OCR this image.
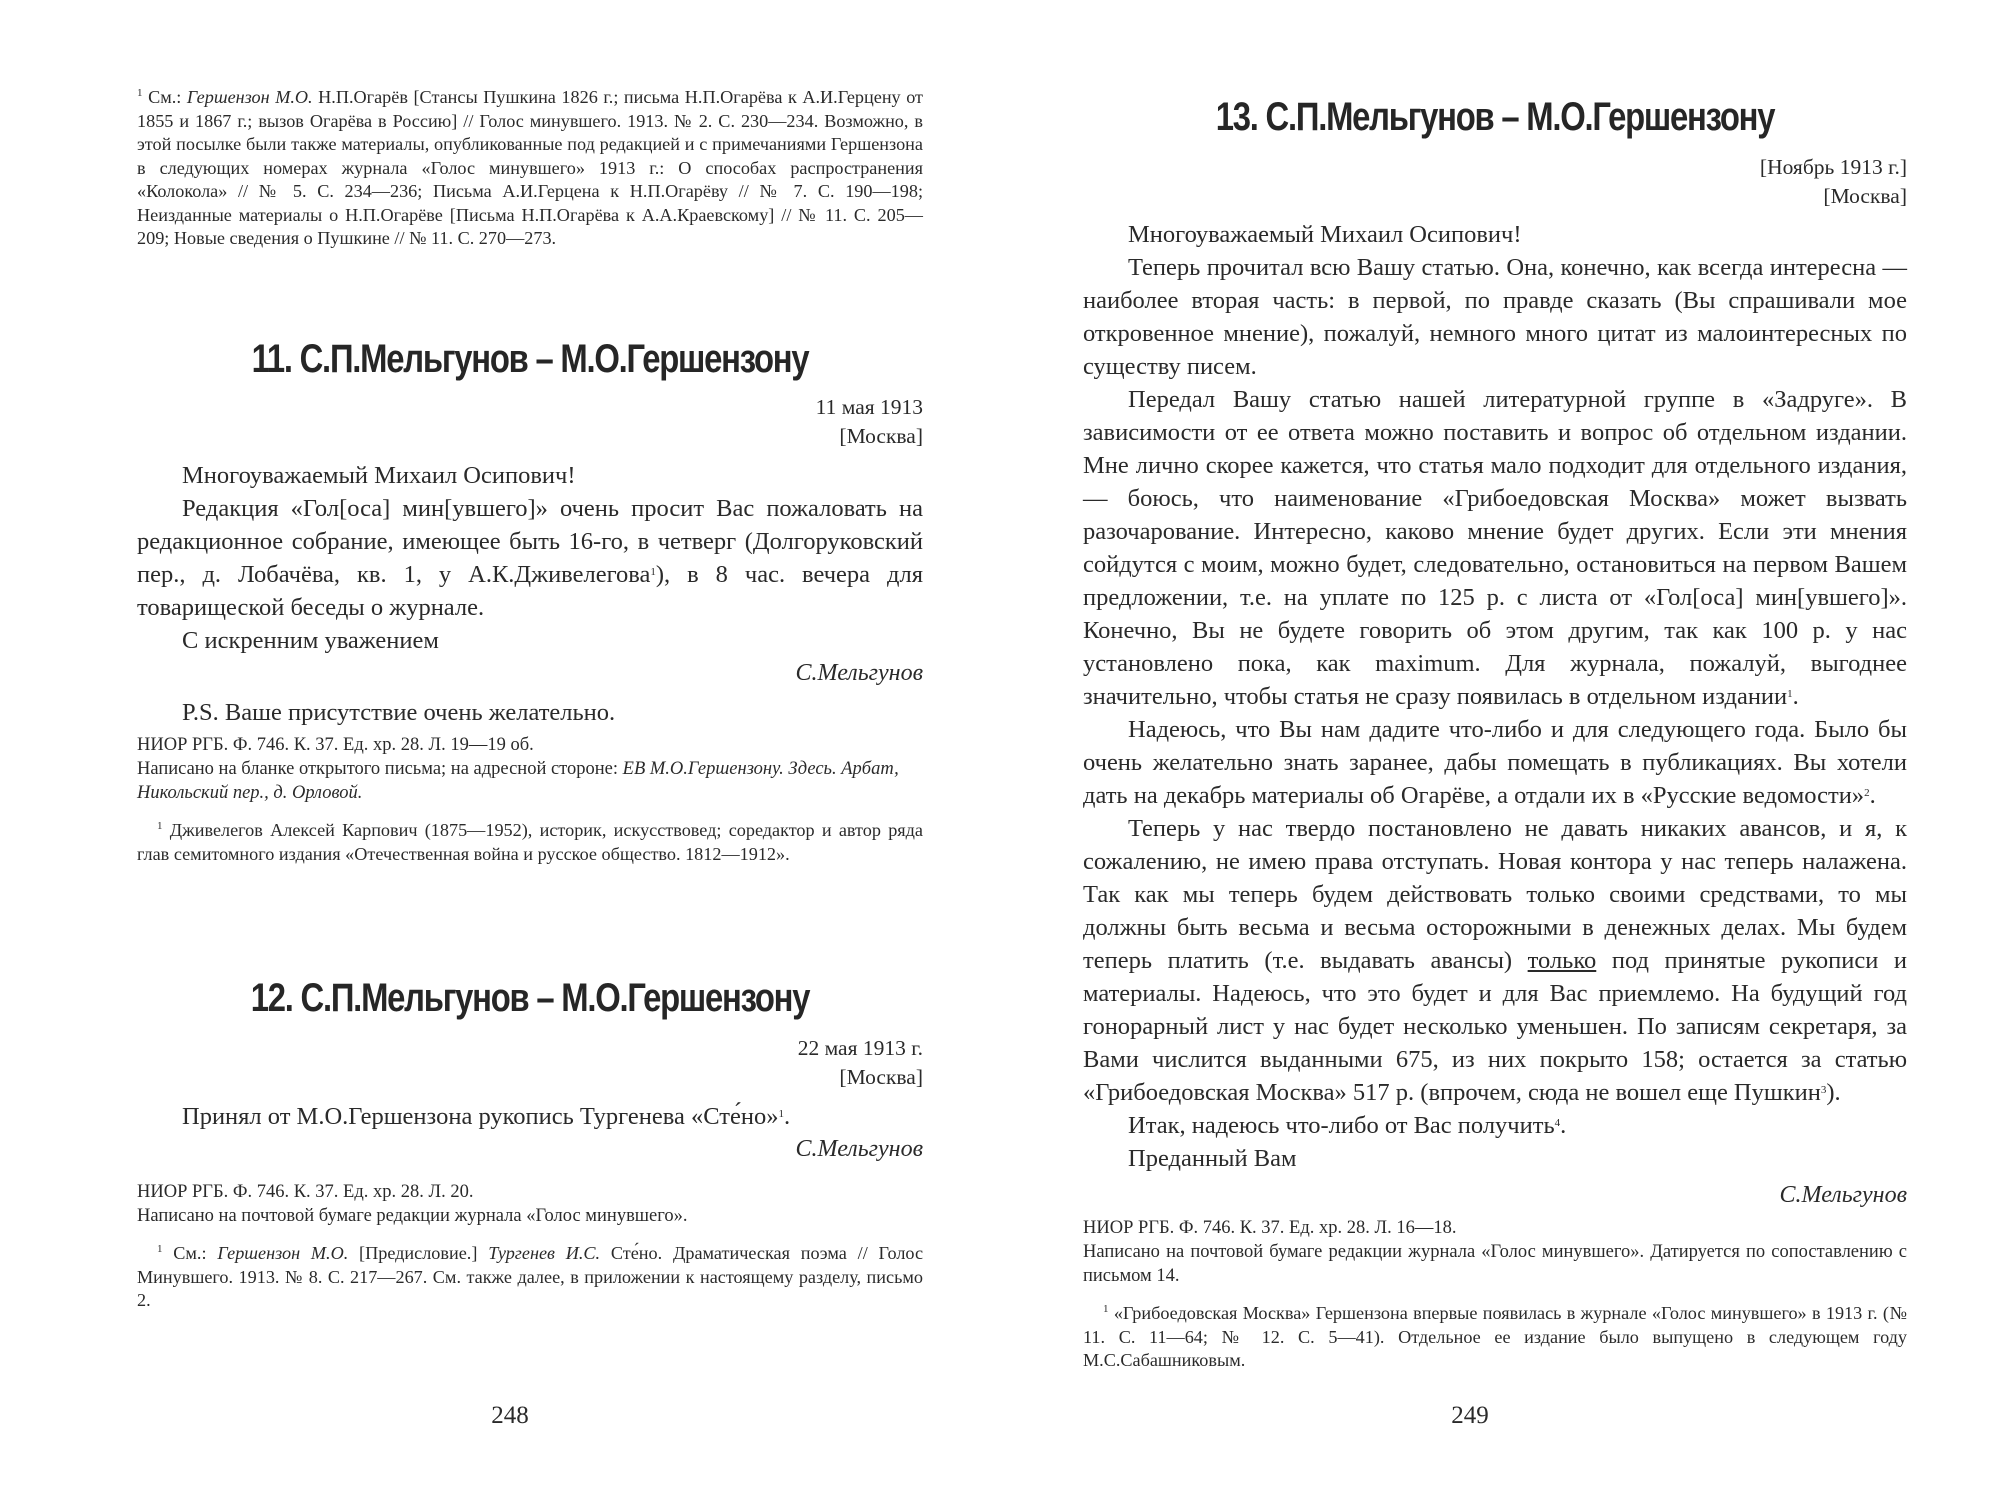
$^1$ См.: Гершензон М.О. Н.П.Огарёв [Стансы Пушкина 1826 г.; письма Н.П.Огарёва к А.И.Герцену от 1855 и 1867 г.; вызов Огарёва в Россию] // Голос минувшего. 1913. № 2. С. 230—234. Возможно, в этой посылке были также материалы, опубликованные под редакцией и с примечаниями Гершензона в следующих номерах журнала «Голос минувшего» 1913 г.: О способах распространения «Колокола» // № 5. С. 234—236; Письма А.И.Герцена к Н.П.Огарёву // № 7. С. 190—198; Неизданные материалы о Н.П.Огарёве [Письма Н.П.Огарёва к А.А.Краевскому] // № 11. С. 205—209; Новые сведения о Пушкине // № 11. С. 270—273.

11. С.П.Мельгунов – М.О.Гершензону
11 мая 1913
[Москва]

Многоуважаемый Михаил Осипович!

Редакция «Гол[оса] мин[увшего]» очень просит Вас пожаловать на редакционное собрание, имеющее быть 16-го, в четверг (Долгоруковский пер., д. Лобачёва, кв. 1, у А.К.Дживелегова$^1$), в 8 час. вечера для товарищеской беседы о журнале.

С искренним уважением

С.Мельгунов

P.S. Ваше присутствие очень желательно.

НИОР РГБ. Ф. 746. К. 37. Ед. хр. 28. Л. 19—19 об.

Написано на бланке открытого письма; на адресной стороне: ЕВ М.О.Гершензону. Здесь. Арбат, Никольский пер., д. Орловой.

$^1$ Дживелегов Алексей Карпович (1875—1952), историк, искусствовед; соредактор и автор ряда глав семитомного издания «Отечественная война и русское общество. 1812—1912».

12. С.П.Мельгунов – М.О.Гершензону
22 мая 1913 г.
[Москва]

Принял от М.О.Гершензона рукопись Тургенева «Сте́но»$^1$.

С.Мельгунов

НИОР РГБ. Ф. 746. К. 37. Ед. хр. 28. Л. 20.

Написано на почтовой бумаге редакции журнала «Голос минувшего».

$^1$ См.: Гершензон М.О. [Предисловие.] Тургенев И.С. Сте́но. Драматическая поэма // Голос Минувшего. 1913. № 8. С. 217—267. См. также далее, в приложении к настоящему разделу, письмо 2.

248
13. С.П.Мельгунов – М.О.Гершензону
[Ноябрь 1913 г.]
[Москва]

Многоуважаемый Михаил Осипович!

Теперь прочитал всю Вашу статью. Она, конечно, как всегда интересна — наиболее вторая часть: в первой, по правде сказать (Вы спрашивали мое откровенное мнение), пожалуй, немного много цитат из малоинтересных по существу писем.

Передал Вашу статью нашей литературной группе в «Задруге». В зависимости от ее ответа можно поставить и вопрос об отдельном издании. Мне лично скорее кажется, что статья мало подходит для отдельного издания, — боюсь, что наименование «Грибоедовская Москва» может вызвать разочарование. Интересно, каково мнение будет других. Если эти мнения сойдутся с моим, можно будет, следовательно, остановиться на первом Вашем предложении, т.е. на уплате по 125 р. с листа от «Гол[оса] мин[увшего]». Конечно, Вы не будете говорить об этом другим, так как 100 р. у нас установлено пока, как maximum. Для журнала, пожалуй, выгоднее значительно, чтобы статья не сразу появилась в отдельном издании$^1$.

Надеюсь, что Вы нам дадите что-либо и для следующего года. Было бы очень желательно знать заранее, дабы помещать в публикациях. Вы хотели дать на декабрь материалы об Огарёве, а отдали их в «Русские ведомости»$^2$.

Теперь у нас твердо постановлено не давать никаких авансов, и я, к сожалению, не имею права отступать. Новая контора у нас теперь налажена. Так как мы теперь будем действовать только своими средствами, то мы должны быть весьма и весьма осторожными в денежных делах. Мы будем теперь платить (т.е. выдавать авансы) только под принятые рукописи и материалы. Надеюсь, что это будет и для Вас приемлемо. На будущий год гонорарный лист у нас будет несколько уменьшен. По записям секретаря, за Вами числится выданными 675, из них покрыто 158; остается за статью «Грибоедовская Москва» 517 р. (впрочем, сюда не вошел еще Пушкин$^3$).

Итак, надеюсь что-либо от Вас получить$^4$.

Преданный Вам

С.Мельгунов

НИОР РГБ. Ф. 746. К. 37. Ед. хр. 28. Л. 16—18.

Написано на почтовой бумаге редакции журнала «Голос минувшего». Датируется по сопоставлению с письмом 14.

$^1$ «Грибоедовская Москва» Гершензона впервые появилась в журнале «Голос минувшего» в 1913 г. (№ 11. С. 11—64; № 12. С. 5—41). Отдельное ее издание было выпущено в следующем году М.С.Сабашниковым.

249
